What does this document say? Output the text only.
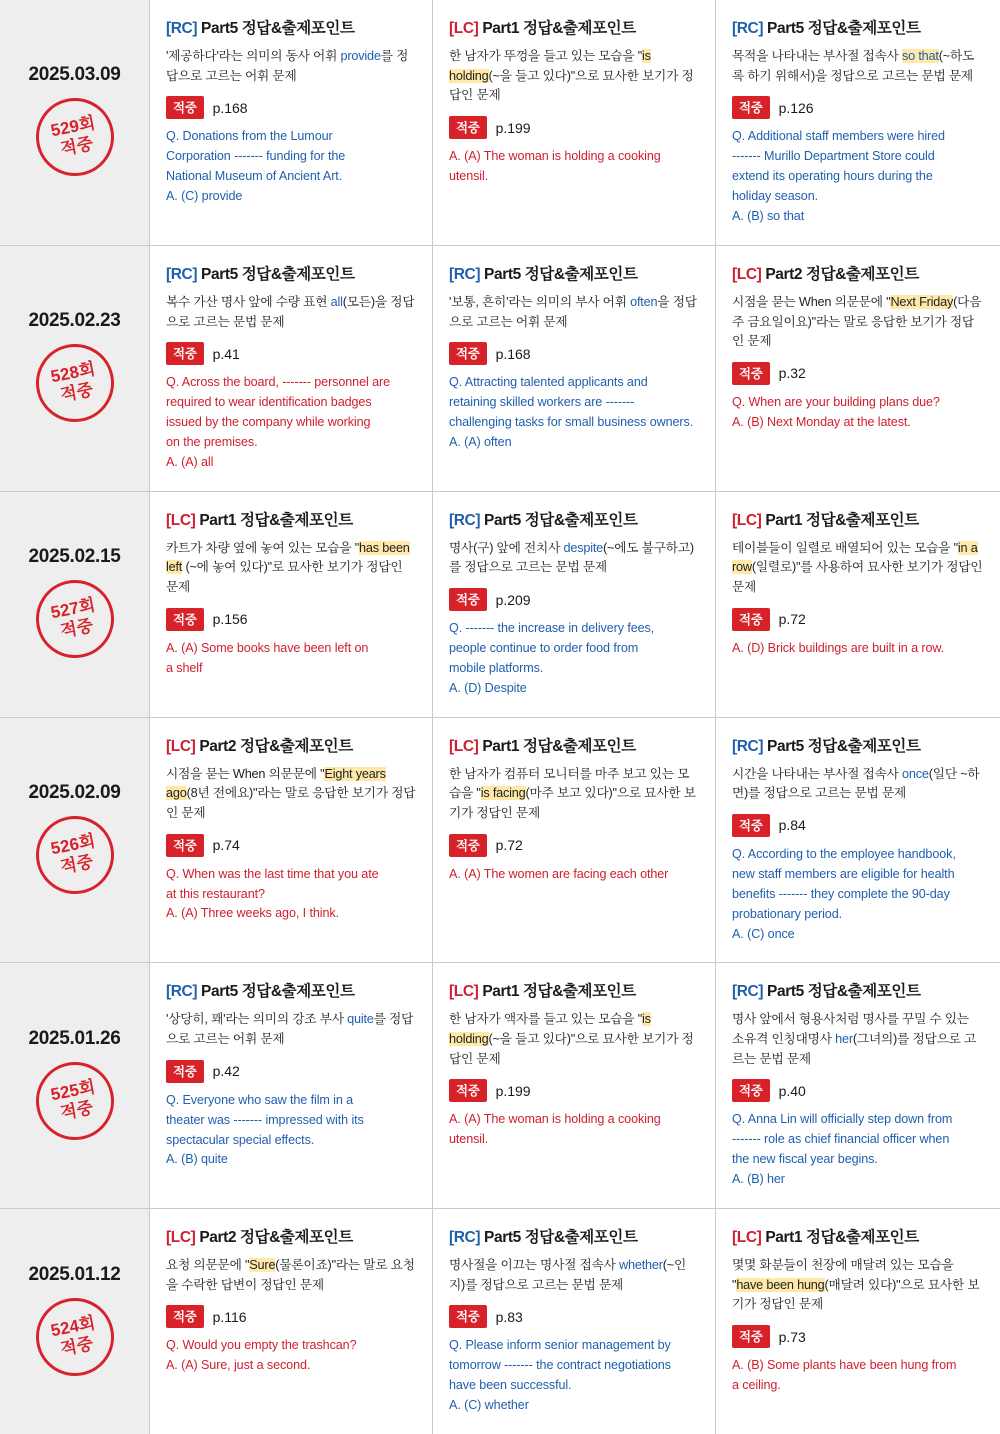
2025.03.09
529회
적중
[RC] Part5 정답&출제포인트
'제공하다'라는 의미의 동사 어휘 provide를 정답으로 고르는 어휘 문제
적중	p.168
Q. Donations from the Lumour
Corporation ------- funding for the
National Museum of Ancient Art.
A. (C) provide
[LC] Part1 정답&출제포인트
한 남자가 뚜껑을 들고 있는 모습을 "is holding(~을 들고 있다)"으로 묘사한 보기가 정답인 문제
적중	p.199
A. (A) The woman is holding a cooking
utensil.
[RC] Part5 정답&출제포인트
목적을 나타내는 부사절 접속사 so that(~하도록 하기 위해서)을 정답으로 고르는 문법 문제
적중	p.126
Q. Additional staff members were hired
------- Murillo Department Store could
extend its operating hours during the
holiday season.
A. (B) so that
2025.02.23
528회
적중
[RC] Part5 정답&출제포인트
복수 가산 명사 앞에 수량 표현 all(모든)을 정답으로 고르는 문법 문제
적중	p.41
Q. Across the board, ------- personnel are
required to wear identification badges
issued by the company while working
on the premises.
A. (A) all
[RC] Part5 정답&출제포인트
'보통, 흔히'라는 의미의 부사 어휘 often을 정답으로 고르는 어휘 문제
적중	p.168
Q. Attracting talented applicants and
retaining skilled workers are -------
challenging tasks for small business owners.
A. (A) often
[LC] Part2 정답&출제포인트
시점을 묻는 When 의문문에 "Next Friday(다음 주 금요일이요)"라는 말로 응답한 보기가 정답인 문제
적중	p.32
Q. When are your building plans due?
A. (B) Next Monday at the latest.
2025.02.15
527회
적중
[LC] Part1 정답&출제포인트
카트가 차량 옆에 놓여 있는 모습을 "has been left (~에 놓여 있다)"로 묘사한 보기가 정답인 문제
적중	p.156
A. (A) Some books have been left on
a shelf
[RC] Part5 정답&출제포인트
명사(구) 앞에 전치사 despite(~에도 불구하고)를 정답으로 고르는 문법 문제
적중	p.209
Q. ------- the increase in delivery fees,
people continue to order food from
mobile platforms.
A. (D) Despite
[LC] Part1 정답&출제포인트
테이블들이 일렬로 배열되어 있는 모습을 "in a row(일렬로)"를 사용하여 묘사한 보기가 정답인 문제
적중	p.72
A. (D) Brick buildings are built in a row.
2025.02.09
526회
적중
[LC] Part2 정답&출제포인트
시점을 묻는 When 의문문에 "Eight years ago(8년 전에요)"라는 말로 응답한 보기가 정답인 문제
적중	p.74
Q. When was the last time that you ate
at this restaurant?
A. (A) Three weeks ago, I think.
[LC] Part1 정답&출제포인트
한 남자가 컴퓨터 모니터를 마주 보고 있는 모습을 "is facing(마주 보고 있다)"으로 묘사한 보기가 정답인 문제
적중	p.72
A. (A) The women are facing each other
[RC] Part5 정답&출제포인트
시간을 나타내는 부사절 접속사 once(일단 ~하면)를 정답으로 고르는 문법 문제
적중	p.84
Q. According to the employee handbook,
new staff members are eligible for health
benefits ------- they complete the 90-day
probationary period.
A. (C) once
2025.01.26
525회
적중
[RC] Part5 정답&출제포인트
'상당히, 꽤'라는 의미의 강조 부사 quite를 정답으로 고르는 어휘 문제
적중	p.42
Q. Everyone who saw the film in a
theater was ------- impressed with its
spectacular special effects.
A. (B) quite
[LC] Part1 정답&출제포인트
한 남자가 액자를 들고 있는 모습을 "is holding(~을 들고 있다)"으로 묘사한 보기가 정답인 문제
적중	p.199
A. (A) The woman is holding a cooking
utensil.
[RC] Part5 정답&출제포인트
명사 앞에서 형용사처럼 명사를 꾸밀 수 있는 소유격 인칭대명사 her(그녀의)를 정답으로 고르는 문법 문제
적중	p.40
Q. Anna Lin will officially step down from
------- role as chief financial officer when
the new fiscal year begins.
A. (B) her
2025.01.12
524회
적중
[LC] Part2 정답&출제포인트
요청 의문문에 "Sure(물론이죠)"라는 말로 요청을 수락한 답변이 정답인 문제
적중	p.116
Q. Would you empty the trashcan?
A. (A) Sure, just a second.
[RC] Part5 정답&출제포인트
명사절을 이끄는 명사절 접속사 whether(~인지)를 정답으로 고르는 문법 문제
적중	p.83
Q. Please inform senior management by
tomorrow ------- the contract negotiations
have been successful.
A. (C) whether
[LC] Part1 정답&출제포인트
몇몇 화분들이 천장에 매달려 있는 모습을 "have been hung(매달려 있다)"으로 묘사한 보기가 정답인 문제
적중	p.73
A. (B) Some plants have been hung from
a ceiling.
